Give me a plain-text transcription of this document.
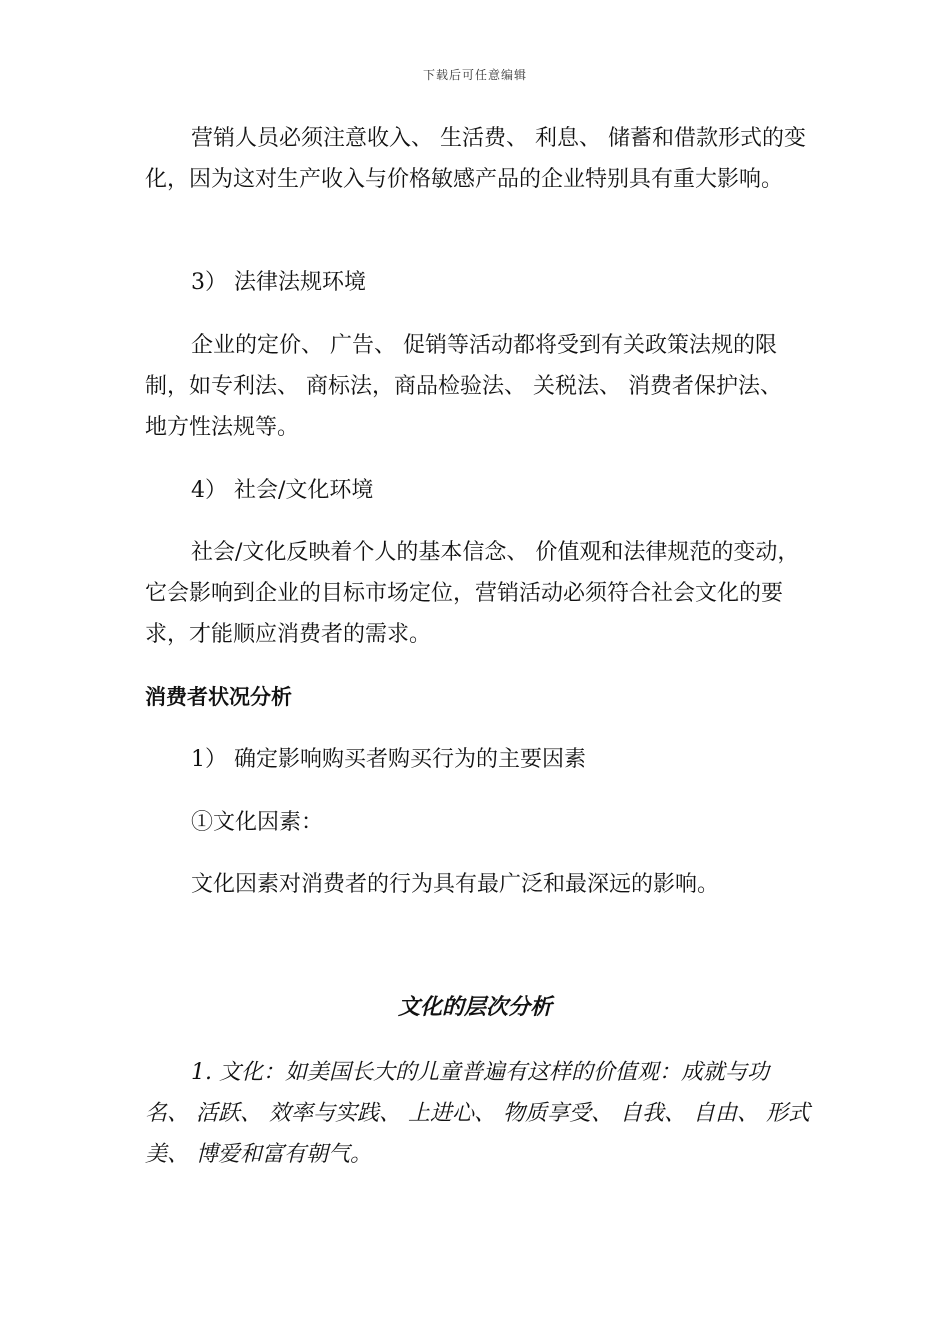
下载后可任意编辑
营销人员必须注意收入、 生活费、 利息、 储蓄和借款形式的变化，因为这对生产收入与价格敏感产品的企业特别具有重大影响。
3） 法律法规环境
企业的定价、 广告、 促销等活动都将受到有关政策法规的限制，如专利法、 商标法，商品检验法、 关税法、 消费者保护法、 地方性法规等。
4） 社会/文化环境
社会/文化反映着个人的基本信念、 价值观和法律规范的变动，它会影响到企业的目标市场定位，营销活动必须符合社会文化的要求，才能顺应消费者的需求。
消费者状况分析
1） 确定影响购买者购买行为的主要因素
①文化因素：
文化因素对消费者的行为具有最广泛和最深远的影响。
文化的层次分析
1. 文化：如美国长大的儿童普遍有这样的价值观：成就与功名、 活跃、 效率与实践、 上进心、 物质享受、 自我、 自由、 形式美、 博爱和富有朝气。
